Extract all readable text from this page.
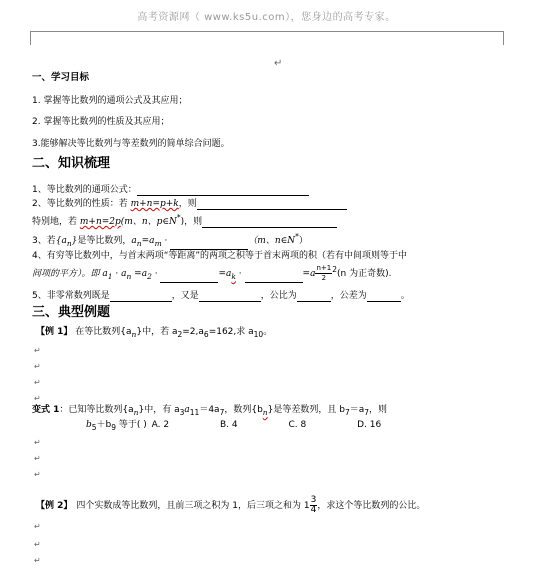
高考资源网（ www.ks5u.com），您身边的高考专家。
↵
一、学习目标
1. 掌握等比数列的通项公式及其应用；
2. 掌握等比数列的性质及其应用；
3.能够解决等比数列与等差数列的简单综合问题。
二、知识梳理
1、等比数列的通项公式：
2、等比数列的性质：若 m+n=p+k，则
特别地，若 m+n=2p(m、n、p∈N*)，则
3、若$\{a_n\}$是等比数列，$a_n=a_m$ ·	（m、n∈N*）
4、有穷等比数列中，与首末两项“等距离”的两项之积等于首末两项的积（若有中间项则等于中
间项的平方）。即 $a_1 \cdot a_n =a_2$ ·	$=a_k$ ·	$=a \frac{n+1}{2} ^2(n$ 为正奇数).
5、非零常数列既是	，又是	，公比为	，公差为	。
三、典型例题
【例 1】 在等比数列$\{a_n\}$中，若 $a_2=2,a_6=162$,求 $a_{10}$。
↵
↵
↵
↵
变式 1：已知等比数列$\{a_n\}$中，有 $a_3a_{11}=4a_7$，数列$\{b_n\}$是等差数列，且 $b_7=a_7$，则
$b_5+b_9$ 等于( ) A. 2	B. 4	C. 8	D. 16
↵
↵
↵
【例 2】 四个实数成等比数列，且前三项之积为 1，后三项之和为 $1 \frac{3}{4}$ ，求这个等比数列的公比。
↵
↵
↵
